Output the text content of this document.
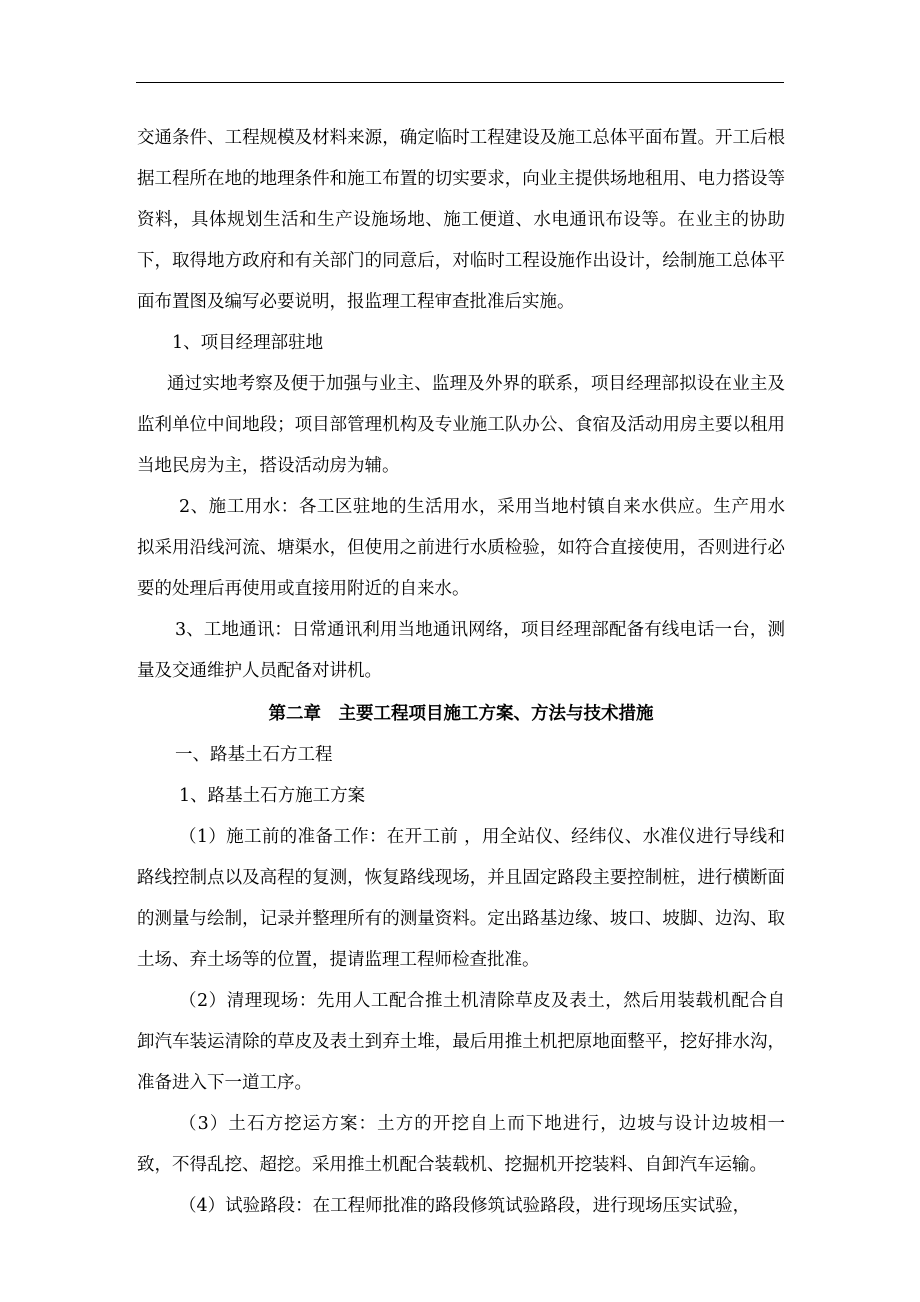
交通条件、工程规模及材料来源，确定临时工程建设及施工总体平面布置。开工后根据工程所在地的地理条件和施工布置的切实要求，向业主提供场地租用、电力搭设等资料，具体规划生活和生产设施场地、施工便道、水电通讯布设等。在业主的协助下，取得地方政府和有关部门的同意后，对临时工程设施作出设计，绘制施工总体平面布置图及编写必要说明，报监理工程审查批准后实施。

1、项目经理部驻地

通过实地考察及便于加强与业主、监理及外界的联系，项目经理部拟设在业主及监利单位中间地段；项目部管理机构及专业施工队办公、食宿及活动用房主要以租用当地民房为主，搭设活动房为辅。

2、施工用水：各工区驻地的生活用水，采用当地村镇自来水供应。生产用水拟采用沿线河流、塘渠水，但使用之前进行水质检验，如符合直接使用，否则进行必要的处理后再使用或直接用附近的自来水。

3、工地通讯：日常通讯利用当地通讯网络，项目经理部配备有线电话一台，测量及交通维护人员配备对讲机。

第二章　主要工程项目施工方案、方法与技术措施

一、路基土石方工程

1、路基土石方施工方案

（1）施工前的准备工作：在开工前 ，用全站仪、经纬仪、水准仪进行导线和路线控制点以及高程的复测，恢复路线现场，并且固定路段主要控制桩，进行横断面的测量与绘制，记录并整理所有的测量资料。定出路基边缘、坡口、坡脚、边沟、取土场、弃土场等的位置，提请监理工程师检查批准。

（2）清理现场：先用人工配合推土机清除草皮及表土，然后用装载机配合自卸汽车装运清除的草皮及表土到弃土堆，最后用推土机把原地面整平，挖好排水沟，准备进入下一道工序。

（3）土石方挖运方案：土方的开挖自上而下地进行，边坡与设计边坡相一致，不得乱挖、超挖。采用推土机配合装载机、挖掘机开挖装料、自卸汽车运输。

（4）试验路段：在工程师批准的路段修筑试验路段，进行现场压实试验，
